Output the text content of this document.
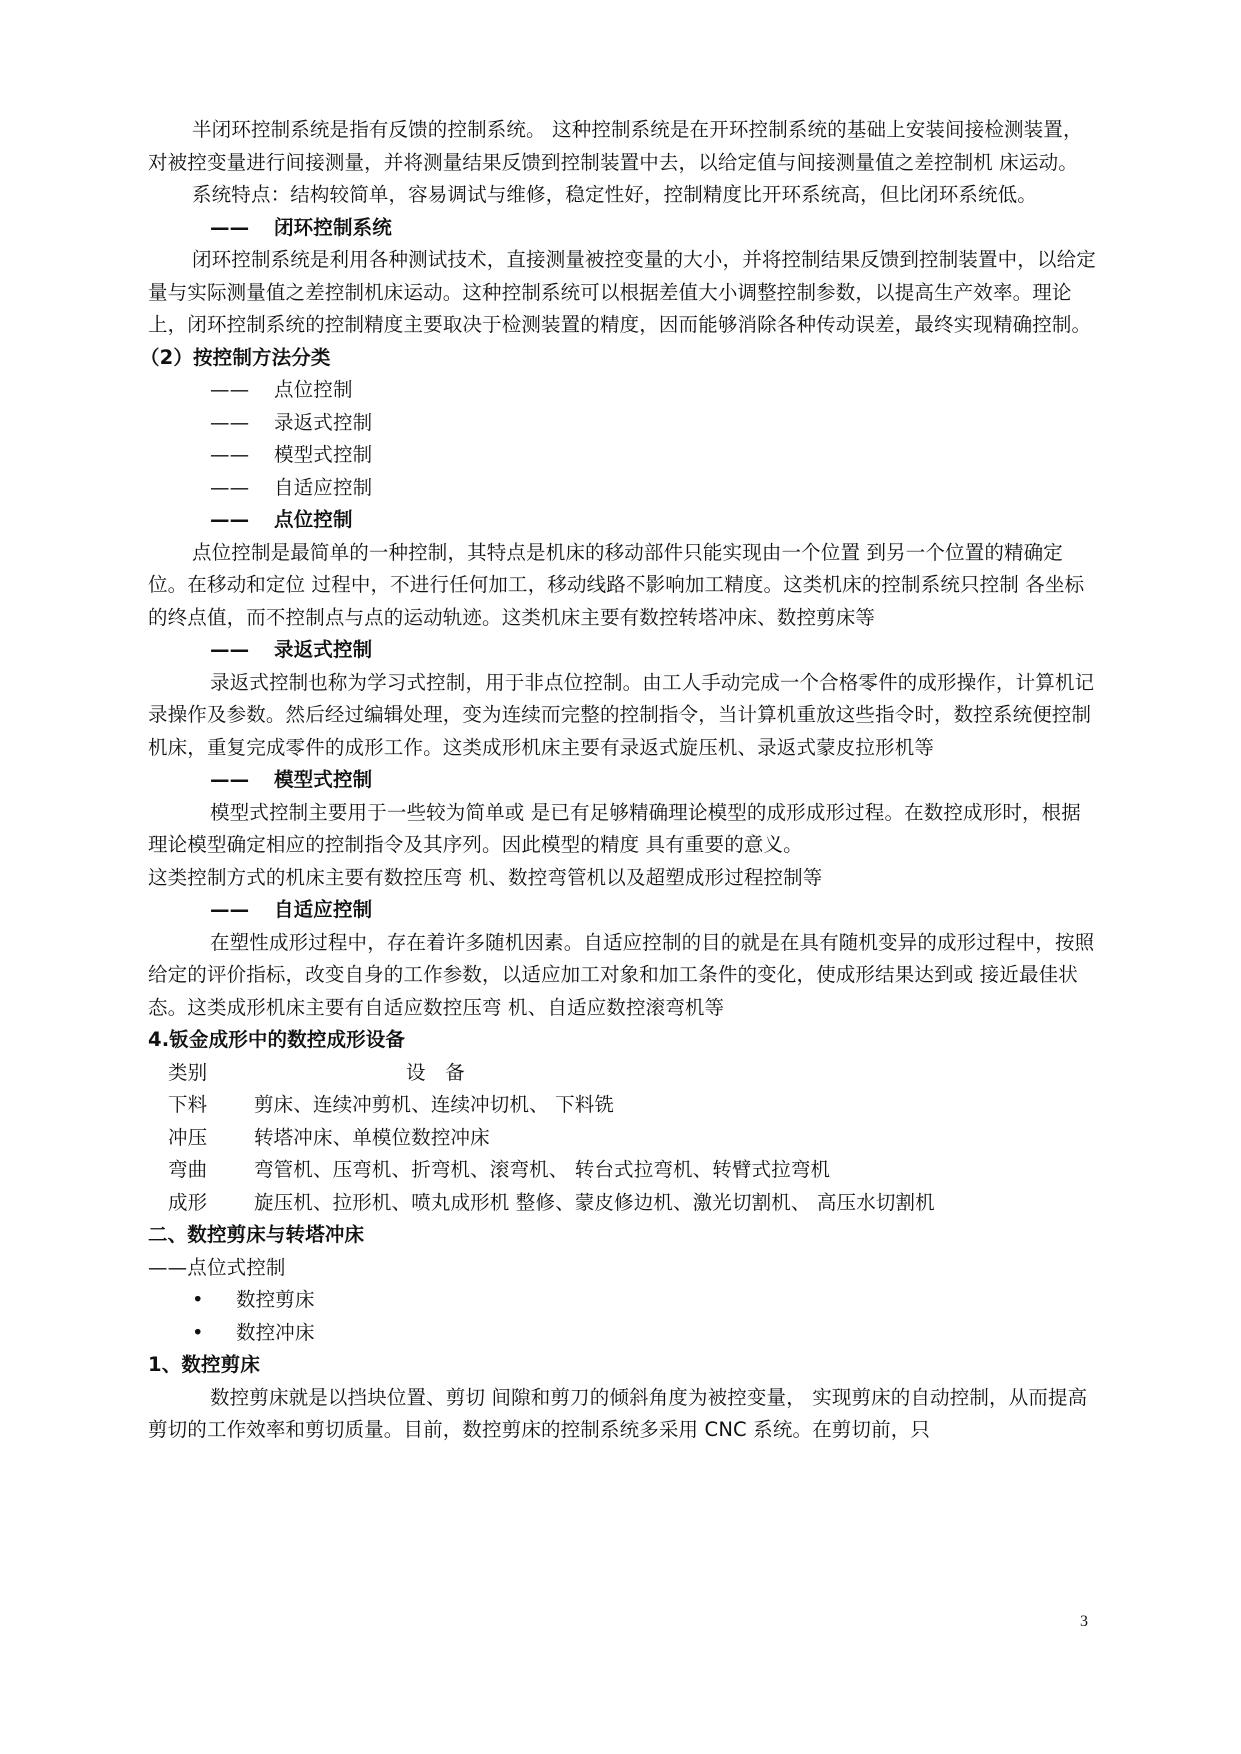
半闭环控制系统是指有反馈的控制系统。 这种控制系统是在开环控制系统的基础上安装间接检测装置，对被控变量进行间接测量，并将测量结果反馈到控制装置中去，以给定值与间接测量值之差控制机 床运动。

系统特点：结构较简单，容易调试与维修，稳定性好，控制精度比开环系统高，但比闭环系统低。

—— 闭环控制系统

闭环控制系统是利用各种测试技术，直接测量被控变量的大小，并将控制结果反馈到控制装置中，以给定量与实际测量值之差控制机床运动。这种控制系统可以根据差值大小调整控制参数，以提高生产效率。理论上，闭环控制系统的控制精度主要取决于检测装置的精度，因而能够消除各种传动误差，最终实现精确控制。

（2）按控制方法分类

—— 点位控制

—— 录返式控制

—— 模型式控制

—— 自适应控制

—— 点位控制

点位控制是最简单的一种控制，其特点是机床的移动部件只能实现由一个位置 到另一个位置的精确定位。在移动和定位 过程中，不进行任何加工，移动线路不影响加工精度。这类机床的控制系统只控制 各坐标的终点值，而不控制点与点的运动轨迹。这类机床主要有数控转塔冲床、数控剪床等

—— 录返式控制

录返式控制也称为学习式控制，用于非点位控制。由工人手动完成一个合格零件的成形操作，计算机记录操作及参数。然后经过编辑处理，变为连续而完整的控制指令，当计算机重放这些指令时，数控系统便控制机床，重复完成零件的成形工作。这类成形机床主要有录返式旋压机、录返式蒙皮拉形机等

—— 模型式控制

模型式控制主要用于一些较为简单或 是已有足够精确理论模型的成形成形过程。在数控成形时，根据理论模型确定相应的控制指令及其序列。因此模型的精度 具有重要的意义。

这类控制方式的机床主要有数控压弯 机、数控弯管机以及超塑成形过程控制等

—— 自适应控制

在塑性成形过程中，存在着许多随机因素。自适应控制的目的就是在具有随机变异的成形过程中，按照给定的评价指标，改变自身的工作参数，以适应加工对象和加工条件的变化，使成形结果达到或 接近最佳状态。这类成形机床主要有自适应数控压弯 机、自适应数控滚弯机等

4.钣金成形中的数控成形设备

类别	设　备

下料	剪床、连续冲剪机、连续冲切机、 下料铣

冲压	转塔冲床、单模位数控冲床

弯曲	弯管机、压弯机、折弯机、滚弯机、 转台式拉弯机、转臂式拉弯机

成形	旋压机、拉形机、喷丸成形机 整修、蒙皮修边机、激光切割机、 高压水切割机

二、数控剪床与转塔冲床

——点位式控制

• 数控剪床

• 数控冲床

1、数控剪床

数控剪床就是以挡块位置、剪切 间隙和剪刀的倾斜角度为被控变量， 实现剪床的自动控制，从而提高剪切的工作效率和剪切质量。目前，数控剪床的控制系统多采用 CNC 系统。在剪切前，只

3
